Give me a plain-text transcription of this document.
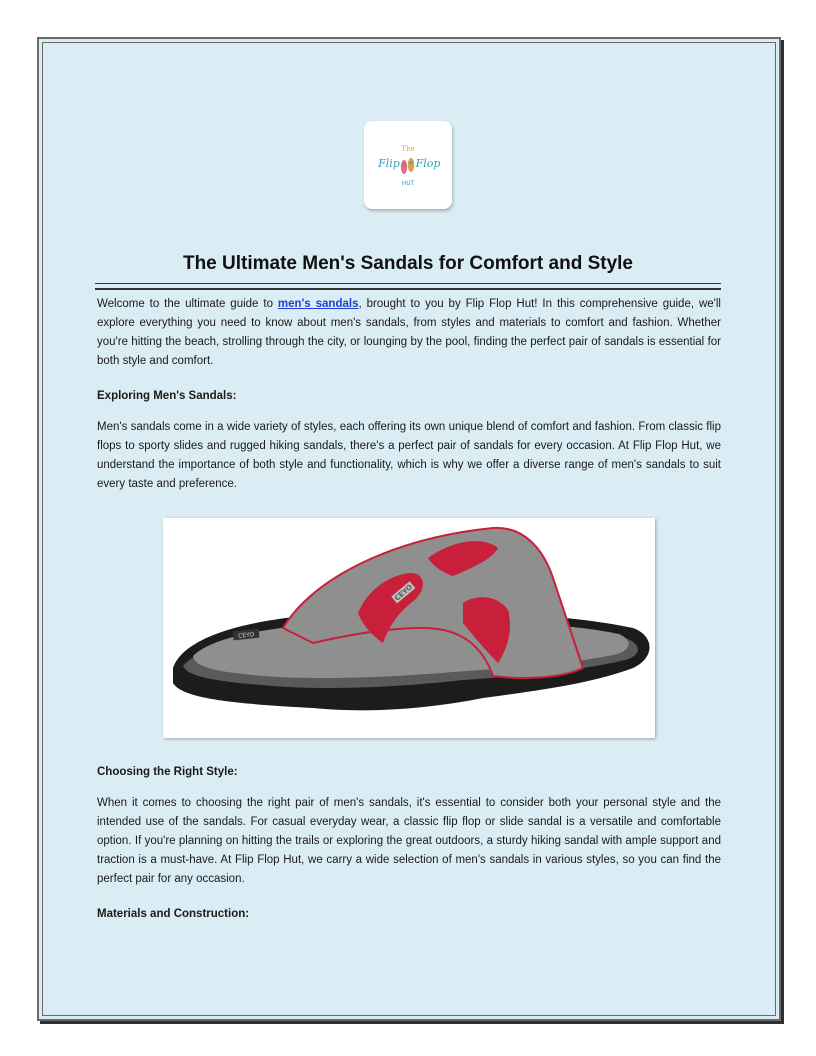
The
Flip Flop
HUT
The Ultimate Men's Sandals for Comfort and Style

Welcome to the ultimate guide to men's sandals, brought to you by Flip Flop Hut! In this comprehensive guide, we'll explore everything you need to know about men's sandals, from styles and materials to comfort and fashion. Whether you're hitting the beach, strolling through the city, or lounging by the pool, finding the perfect pair of sandals is essential for both style and comfort.

Exploring Men's Sandals:

Men's sandals come in a wide variety of styles, each offering its own unique blend of comfort and fashion. From classic flip flops to sporty slides and rugged hiking sandals, there's a perfect pair of sandals for every occasion. At Flip Flop Hut, we understand the importance of both style and functionality, which is why we offer a diverse range of men's sandals to suit every taste and preference.

CEYO
CEYO
Choosing the Right Style:

When it comes to choosing the right pair of men's sandals, it's essential to consider both your personal style and the intended use of the sandals. For casual everyday wear, a classic flip flop or slide sandal is a versatile and comfortable option. If you're planning on hitting the trails or exploring the great outdoors, a sturdy hiking sandal with ample support and traction is a must-have. At Flip Flop Hut, we carry a wide selection of men's sandals in various styles, so you can find the perfect pair for any occasion.

Materials and Construction:
